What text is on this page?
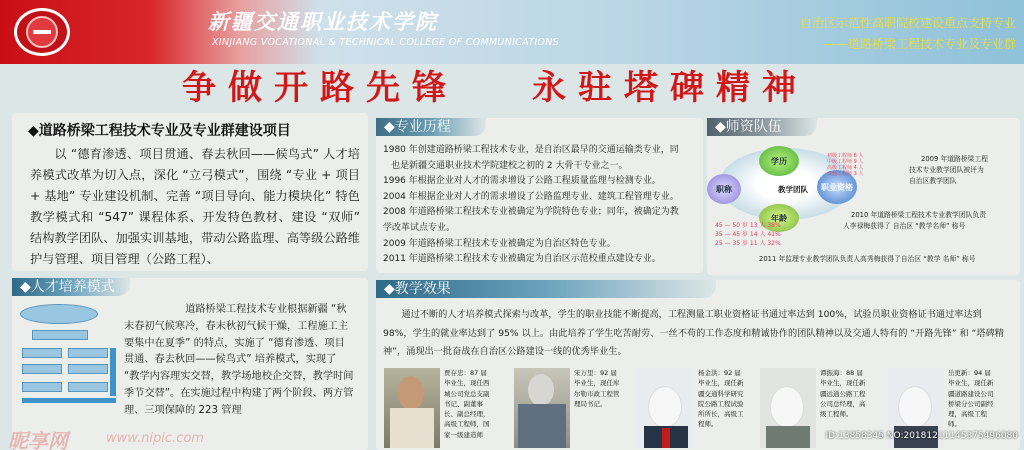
新疆交通职业技术学院
XINJIANG VOCATIONAL & TECHNICAL COLLEGE OF COMMUNICATIONS
自治区示范性高职院校建设重点支持专业
——道路桥梁工程技术专业及专业群
争做开路先锋 永驻塔碑精神
◆道路桥梁工程技术专业及专业群建设项目
以 “德育渗透、项目贯通、春去秋回——候鸟式” 人才培养模式改革为切入点，深化 “立弓模式”，围绕 “专业 + 项目 + 基地” 专业建设机制、完善 “项目导向、能力模块化” 特色教学模式和 “547” 课程体系、开发特色教材、建设 “双师” 结构教学团队、加强实训基地，带动公路监理、高等级公路维护与管理、项目管理（公路工程）、
◆专业历程

1980 年创建道路桥梁工程技术专业，是自治区最早的交通运输类专业，同

也是新疆交通职业技术学院建校之初的 2 大骨干专业之一。

1996 年根据企业对人才的需求增设了公路工程质量监理与检测专业。

2004 年根据企业对人才的需求增设了公路监理专业、建筑工程管理专业。

2008 年道路桥梁工程技术专业被确定为学院特色专业；同年，被确定为教

学改革试点专业。

2009 年道路桥梁工程技术专业被确定为自治区特色专业。

2011 年道路桥梁工程技术专业被确定为自治区示范校重点建设专业。

◆师资队伍
教学团队
学历
年龄
职称	职业资格
初级工程师 8 人
中级工程师 9 人
高级工程师 4 人
交通工程师 3 人
45 — 50 岁 13 人 38%
35 — 45 岁 14 人 41%
25 — 35 岁 11 人 32%
2009 年道路桥梁工程
技术专业教学团队被评为
自治区教学团队
2010 年道路桥梁工程技术专业教学团队负责
人李禄梅获得了 自治区 “教学名师” 称号
2011 年监理专业教学团队负责人高秀梅获得了自治区 “教学 名师” 称号
◆人才培养模式
道路桥梁工程技术专业根据新疆 “秋末春初气候寒冷，春末秋初气候干燥，工程施工主要集中在夏季” 的特点，实施了 “德育渗透、项目贯通、春去秋回——候鸟式” 培养模式，实现了 “教学内容理实交替，教学场地校企交替，教学时间季节交替”。在实施过程中构建了两个阶段、两方管理、三项保障的 223 管理
◆教学效果
通过不断的人才培养模式探索与改革，学生的职业技能不断提高，工程测量工职业资格证书通过率达到 100%，试验员职业资格证书通过率达到 98%，学生的就业率达到了 95% 以上。由此培养了学生吃苦耐劳、一丝不苟的工作态度和精诚协作的团队精神以及交通人特有的 “开路先锋” 和 “塔碑精神”，涌现出一批奋战在自治区公路建设一线的优秀毕业生。
贾存忠：87 届
毕业生，现任西
城公司党总支副
书记、副董事
长、副总经理，
高级工程师，国
家一级建造师
宋万里：92 届
毕业生，现任库
尔勒市政工程管
理局书记。
杨金洪：92 届
毕业生，现任新
疆交通科学研究
院公路工程试验
所所长，高级工
程师。
谭振海：88 届
毕业生，现任新
疆远通公路工程
公司总经理，高
级工程师。
岳更新：94 届
毕业生，现任新
疆道路建设公司
桥梁分公司副经
理，高级工程
师。
昵享网	www.nipic.com	ID:13858345 NO:20181211145375496080
